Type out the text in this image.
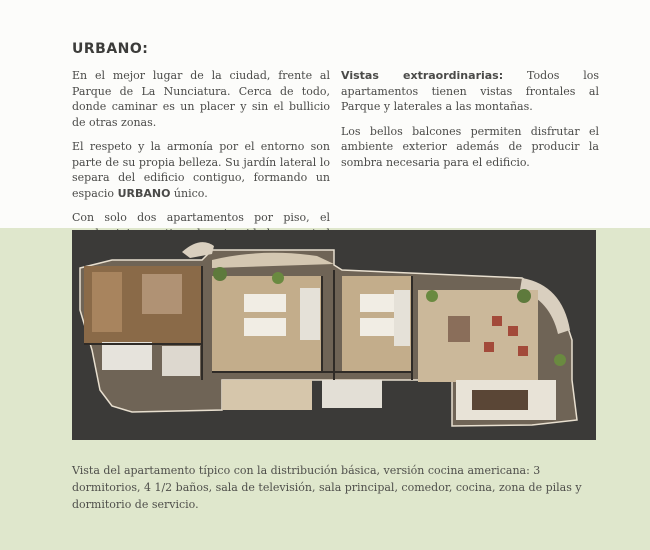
URBANO:

En el mejor lugar de la ciudad, frente al Parque de La Nunciatura. Cerca de todo, donde caminar es un placer y sin el bullicio de otras zonas.

El respeto y la armonía por el entorno son parte de su propia belleza. Su jardín lateral lo separa del edificio contiguo, formando un espacio URBANO único.

Con solo dos apartamentos por piso, el

Vistas extraordinarias: Todos los apartamentos tienen vistas frontales al Parque y laterales a las montañas.

Los bellos balcones permiten disfrutar el ambiente exterior además de producir la sombra necesaria para el edificio.

Vista del apartamento típico con la distribución básica, versión cocina americana: 3 dormitorios, 4 1/2 baños, sala de televisión, sala principal, comedor, cocina, zona de pilas y dormitorio de servicio.
